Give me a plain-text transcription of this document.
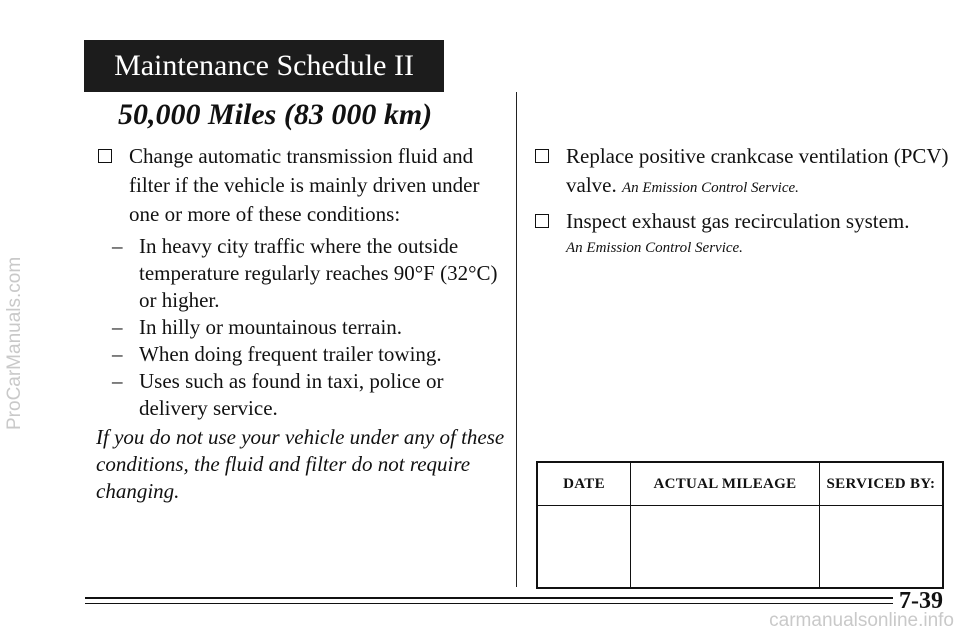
ProCarManuals.com
carmanualsonline.info
Maintenance Schedule II
50,000 Miles (83 000 km)
Change automatic transmission fluid and filter if the vehicle is mainly driven under one or more of these conditions:
– In heavy city traffic where the outside temperature regularly reaches 90°F (32°C) or higher.
– In hilly or mountainous terrain.
– When doing frequent trailer towing.
– Uses such as found in taxi, police or delivery service.
If you do not use your vehicle under any of these conditions, the fluid and filter do not require changing.
Replace positive crankcase ventilation (PCV) valve. An Emission Control Service.
Inspect exhaust gas recirculation system.
An Emission Control Service.
DATE	ACTUAL MILEAGE	SERVICED BY:

7-39
